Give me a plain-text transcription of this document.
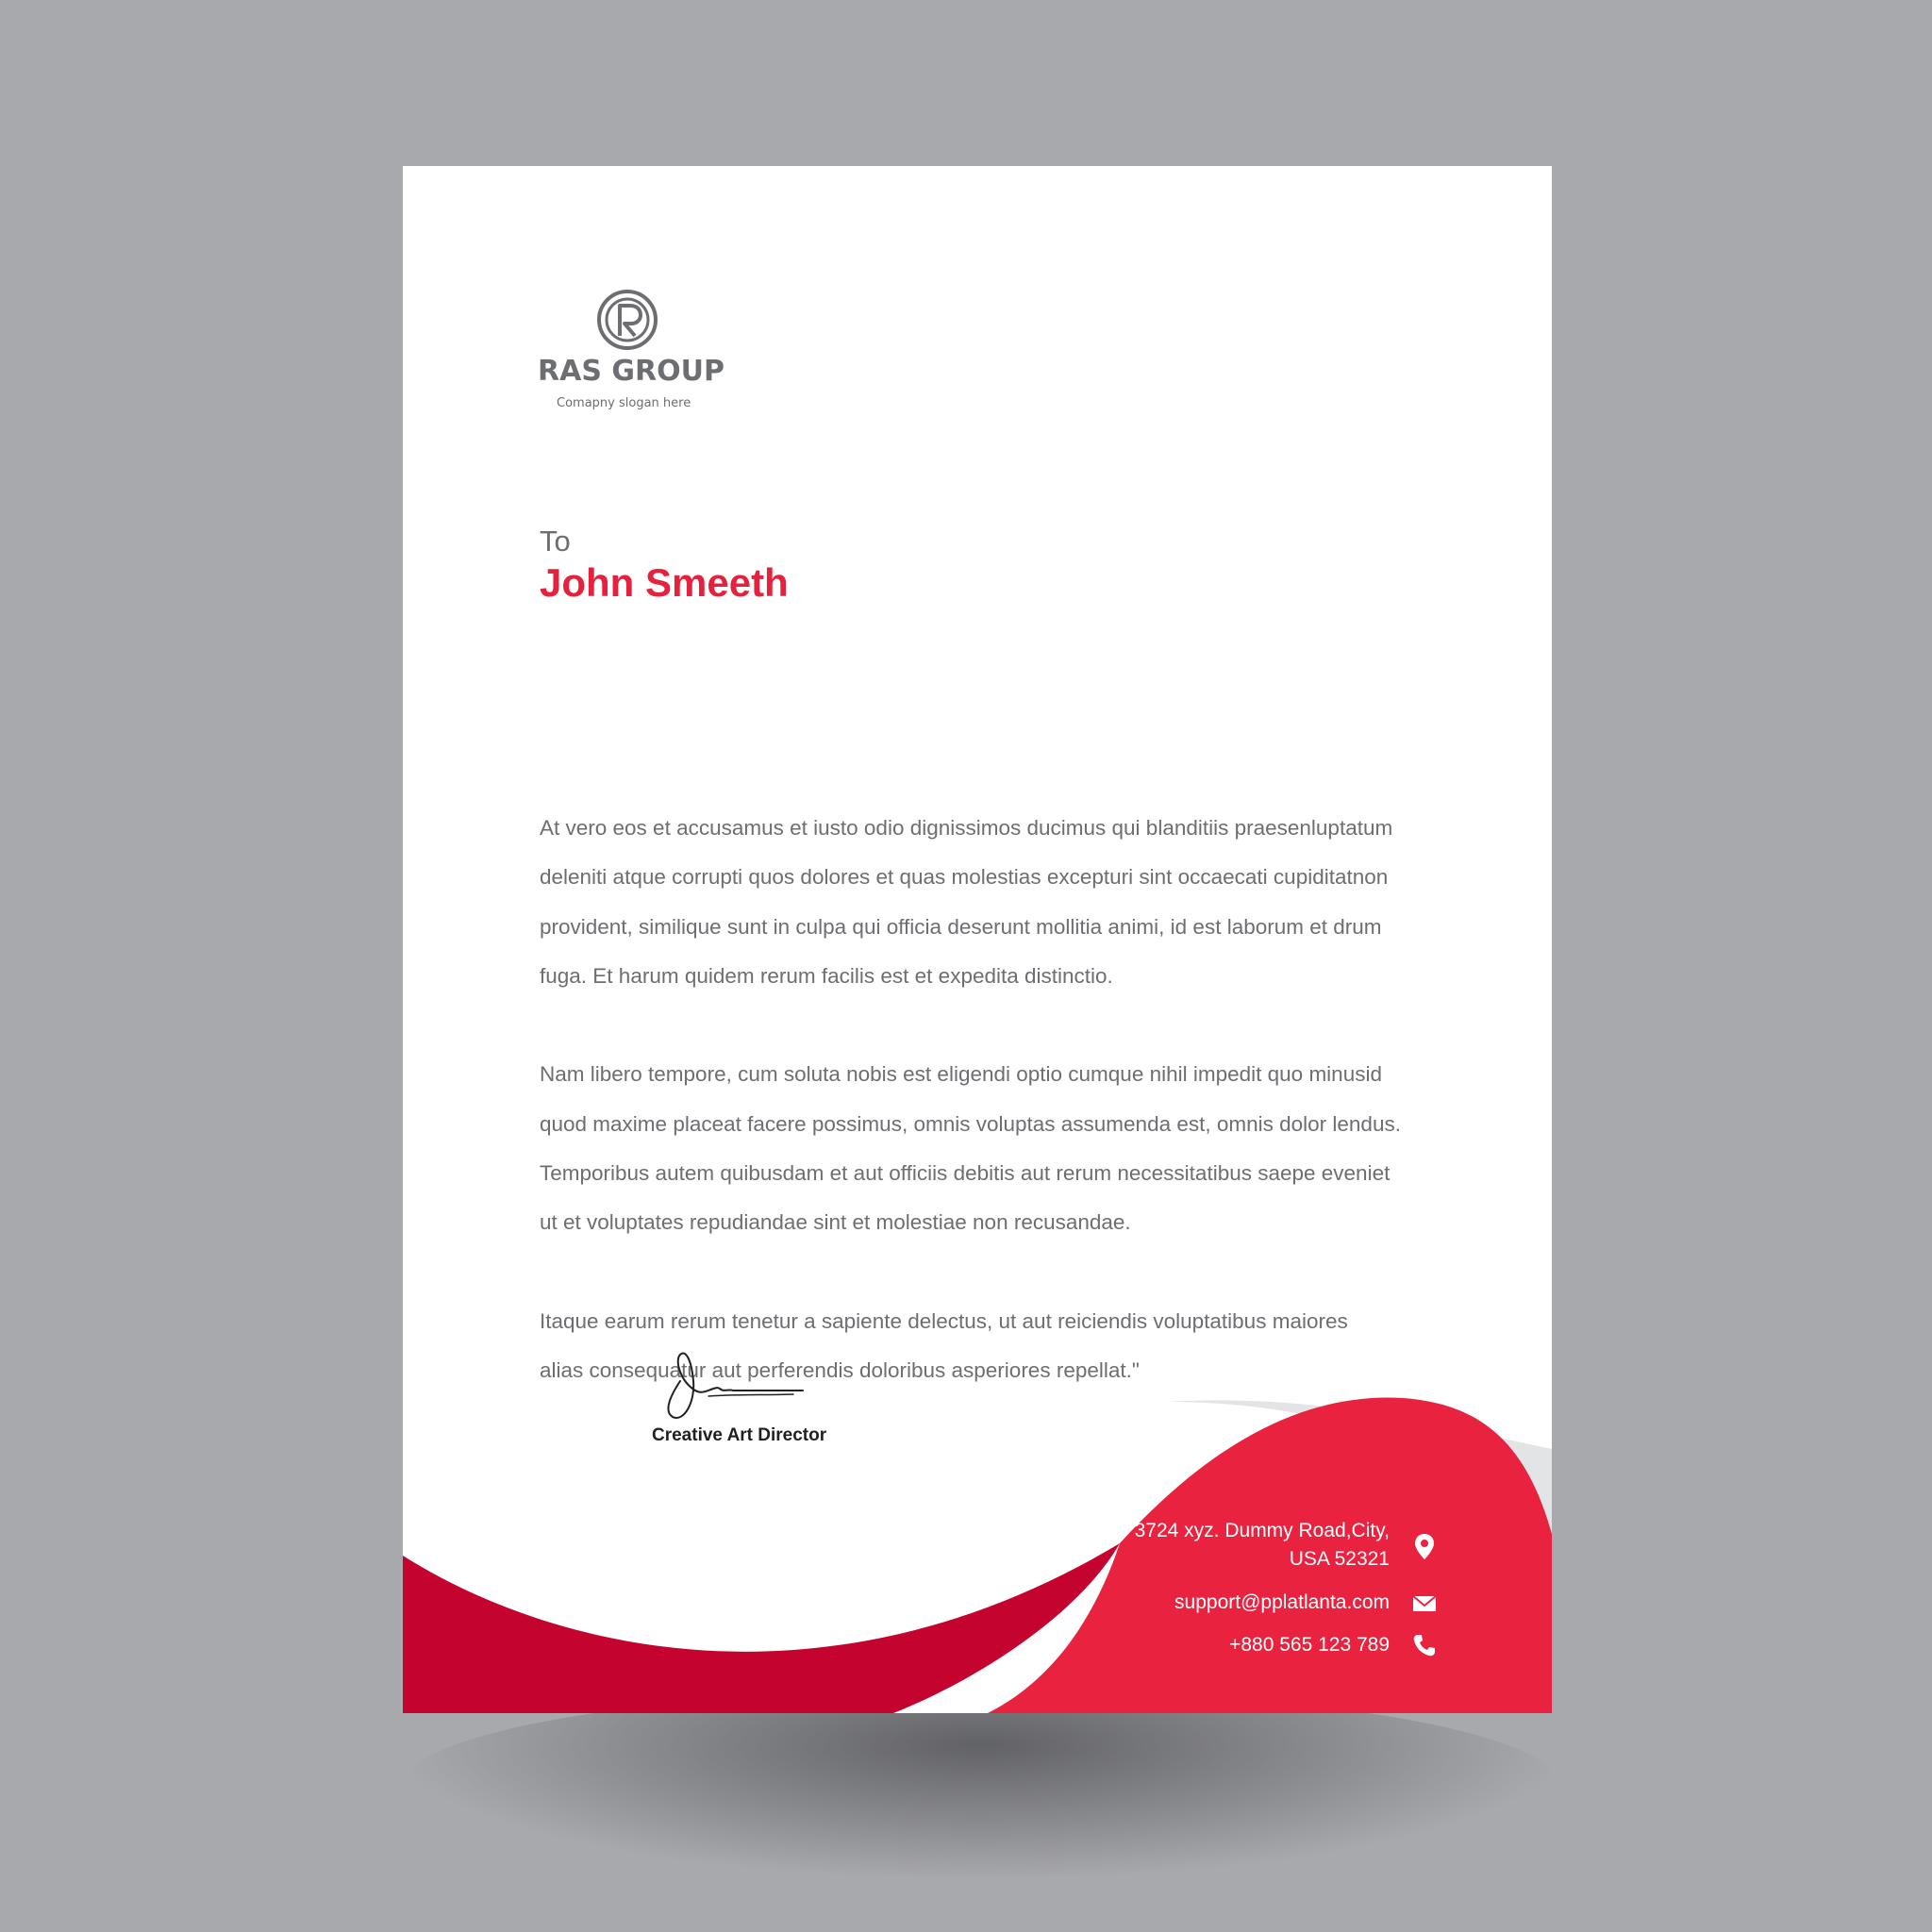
RAS GROUP
Comapny slogan here
To
John Smeeth

At vero eos et accusamus et iusto odio dignissimos ducimus qui blanditiis praesenluptatum
deleniti atque corrupti quos dolores et quas molestias excepturi sint occaecati cupiditatnon
provident, similique sunt in culpa qui officia deserunt mollitia animi, id est laborum et drum
fuga. Et harum quidem rerum facilis est et expedita distinctio.

Nam libero tempore, cum soluta nobis est eligendi optio cumque nihil impedit quo minusid
quod maxime placeat facere possimus, omnis voluptas assumenda est, omnis dolor lendus.
Temporibus autem quibusdam et aut officiis debitis aut rerum necessitatibus saepe eveniet
ut et voluptates repudiandae sint et molestiae non recusandae.

Itaque earum rerum tenetur a sapiente delectus, ut aut reiciendis voluptatibus maiores
alias consequatur aut perferendis doloribus asperiores repellat."

Creative Art Director
3724 xyz. Dummy Road,City,
USA 52321
support@pplatlanta.com
+880 565 123 789
